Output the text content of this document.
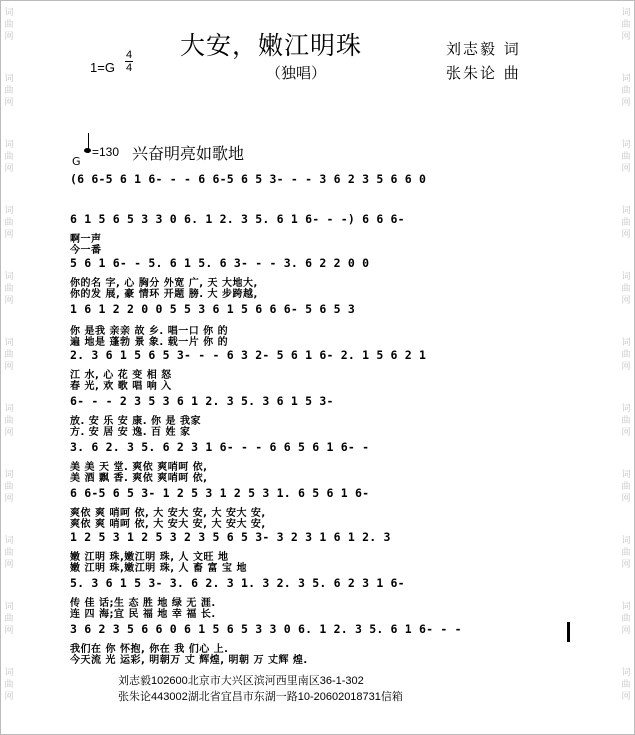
词
曲
网
词
曲
网
词
曲
网
词
曲
网
词
曲
网
词
曲
网
词
曲
网
词
曲
网
词
曲
网
词
曲
网
词
曲
网
词
曲
网
词
曲
网
词
曲
网
词
曲
网
词
曲
网
词
曲
网
词
曲
网
词
曲
网
词
曲
网
词
曲
网
词
曲
网
大安，嫩江明珠
（独唱）
$1=G \frac{4}{4}$	刘志毅 词
张朱论 曲
G
=130 兴奋明亮如歌地
(6 6-5 6 1 6- - - 6 6-5 6 5 3- - - 3 6 2 3 5 6 6 0
6 1 5 6 5 3 3 0 6. 1 2. 3 5. 6 1 6- - -) 6 6 6-
啊一声
今一番
5 6 1 6- - 5. 6 1 5. 6 3- - - 3. 6 2 2 0 0
你的名 字, 心 胸分 外宽 广, 天 大地大,
你的发 展, 豪 情环 开题 膀. 大 步跨越,
1 6 1 2 2 0 0 5 5 3 6 1 5 6 6 6- 5 6 5 3
你 是我 亲亲 故 乡. 唱一口 你 的
遍 地是 蓬勃 景 象. 载一片 你 的
2. 3 6 1 5 6 5 3- - - 6 3 2- 5 6 1 6- 2. 1 5 6 2 1
江 水, 心 花 变 相 怒
春 光, 欢 歌 唱 响 入
6- - - 2 3 5 3 6 1 2. 3 5. 3 6 1 5 3-
放. 安 乐 安 康. 你 是 我家
方. 安 居 安 逸. 百 姓 家
3. 6 2. 3 5. 6 2 3 1 6- - - 6 6 5 6 1 6- -
美 美 天 堂. 爽依 爽哨呵 依,
美 酒 飘 香. 爽依 爽哨呵 依,
6 6-5 6 5 3- 1 2 5 3 1 2 5 3 1. 6 5 6 1 6-
爽依 爽 哨呵 依, 大 安大 安, 大 安大 安,
爽依 爽 哨呵 依, 大 安大 安, 大 安大 安,
1 2 5 3 1 2 5 3 2 3 5 6 5 3- 3 2 3 1 6 1 2. 3
嫩 江明 珠,嫩江明 珠, 人 文旺 地
嫩 江明 珠,嫩江明 珠, 人 畜 富 宝 地
5. 3 6 1 5 3- 3. 6 2. 3 1. 3 2. 3 5. 6 2 3 1 6-
传 佳 话;生 态 胜 地 绿 无 涯.
连 四 海;宜 民 福 地 幸 福 长.
3 6 2 3 5 6 6 0 6 1 5 6 5 3 3 0 6. 1 2. 3 5. 6 1 6- - -
我们在 你 怀抱, 你在 我 们心 上.
今天流 光 运彩, 明朝万 丈 辉煌, 明朝 万 丈辉 煌.
刘志毅102600北京市大兴区滨河西里南区36-1-302
张朱论443002湖北省宜昌市东湖一路10-20602018731信箱
